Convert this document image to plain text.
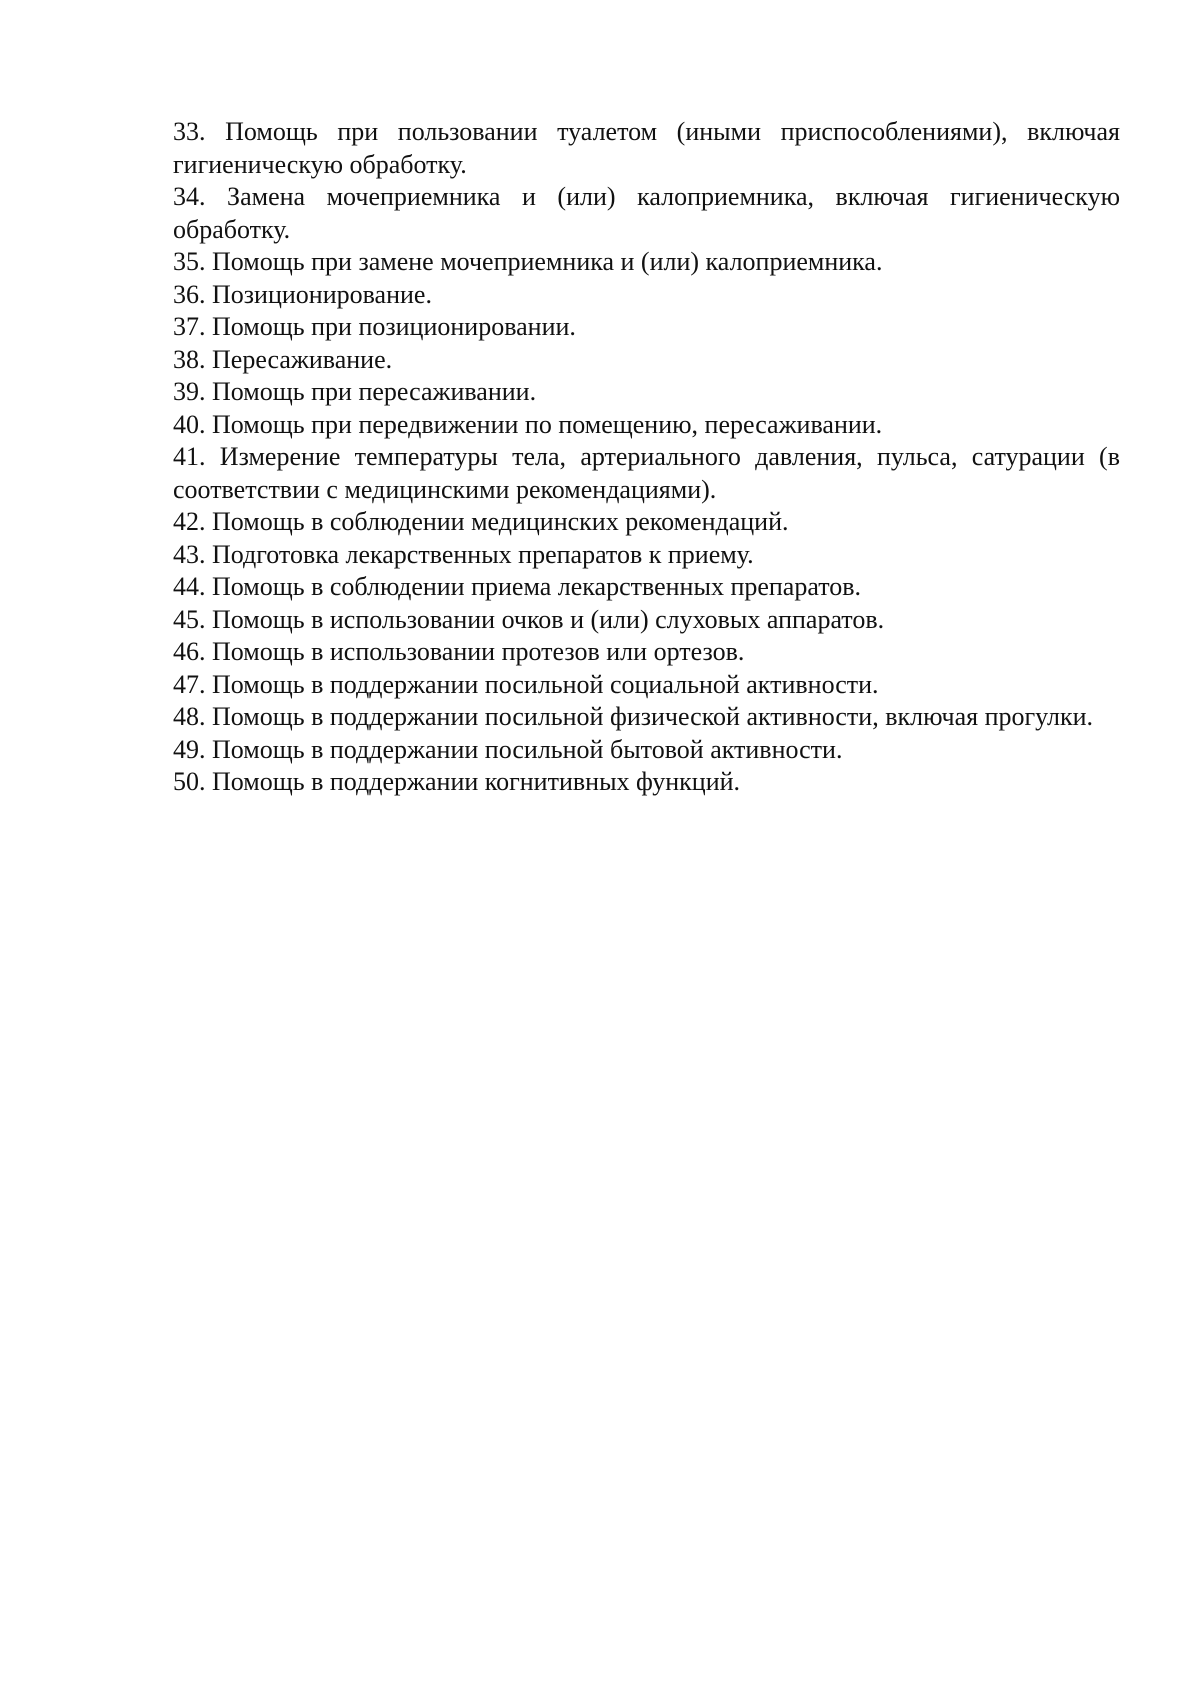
33. Помощь при пользовании туалетом (иными приспособлениями), включая гигиеническую обработку.

34. Замена мочеприемника и (или) калоприемника, включая гигиеническую обработку.

35. Помощь при замене мочеприемника и (или) калоприемника.

36. Позиционирование.

37. Помощь при позиционировании.

38. Пересаживание.

39. Помощь при пересаживании.

40. Помощь при передвижении по помещению, пересаживании.

41. Измерение температуры тела, артериального давления, пульса, сатурации (в соответствии с медицинскими рекомендациями).

42. Помощь в соблюдении медицинских рекомендаций.

43. Подготовка лекарственных препаратов к приему.

44. Помощь в соблюдении приема лекарственных препаратов.

45. Помощь в использовании очков и (или) слуховых аппаратов.

46. Помощь в использовании протезов или ортезов.

47. Помощь в поддержании посильной социальной активности.

48. Помощь в поддержании посильной физической активности, включая прогулки.

49. Помощь в поддержании посильной бытовой активности.

50. Помощь в поддержании когнитивных функций.
